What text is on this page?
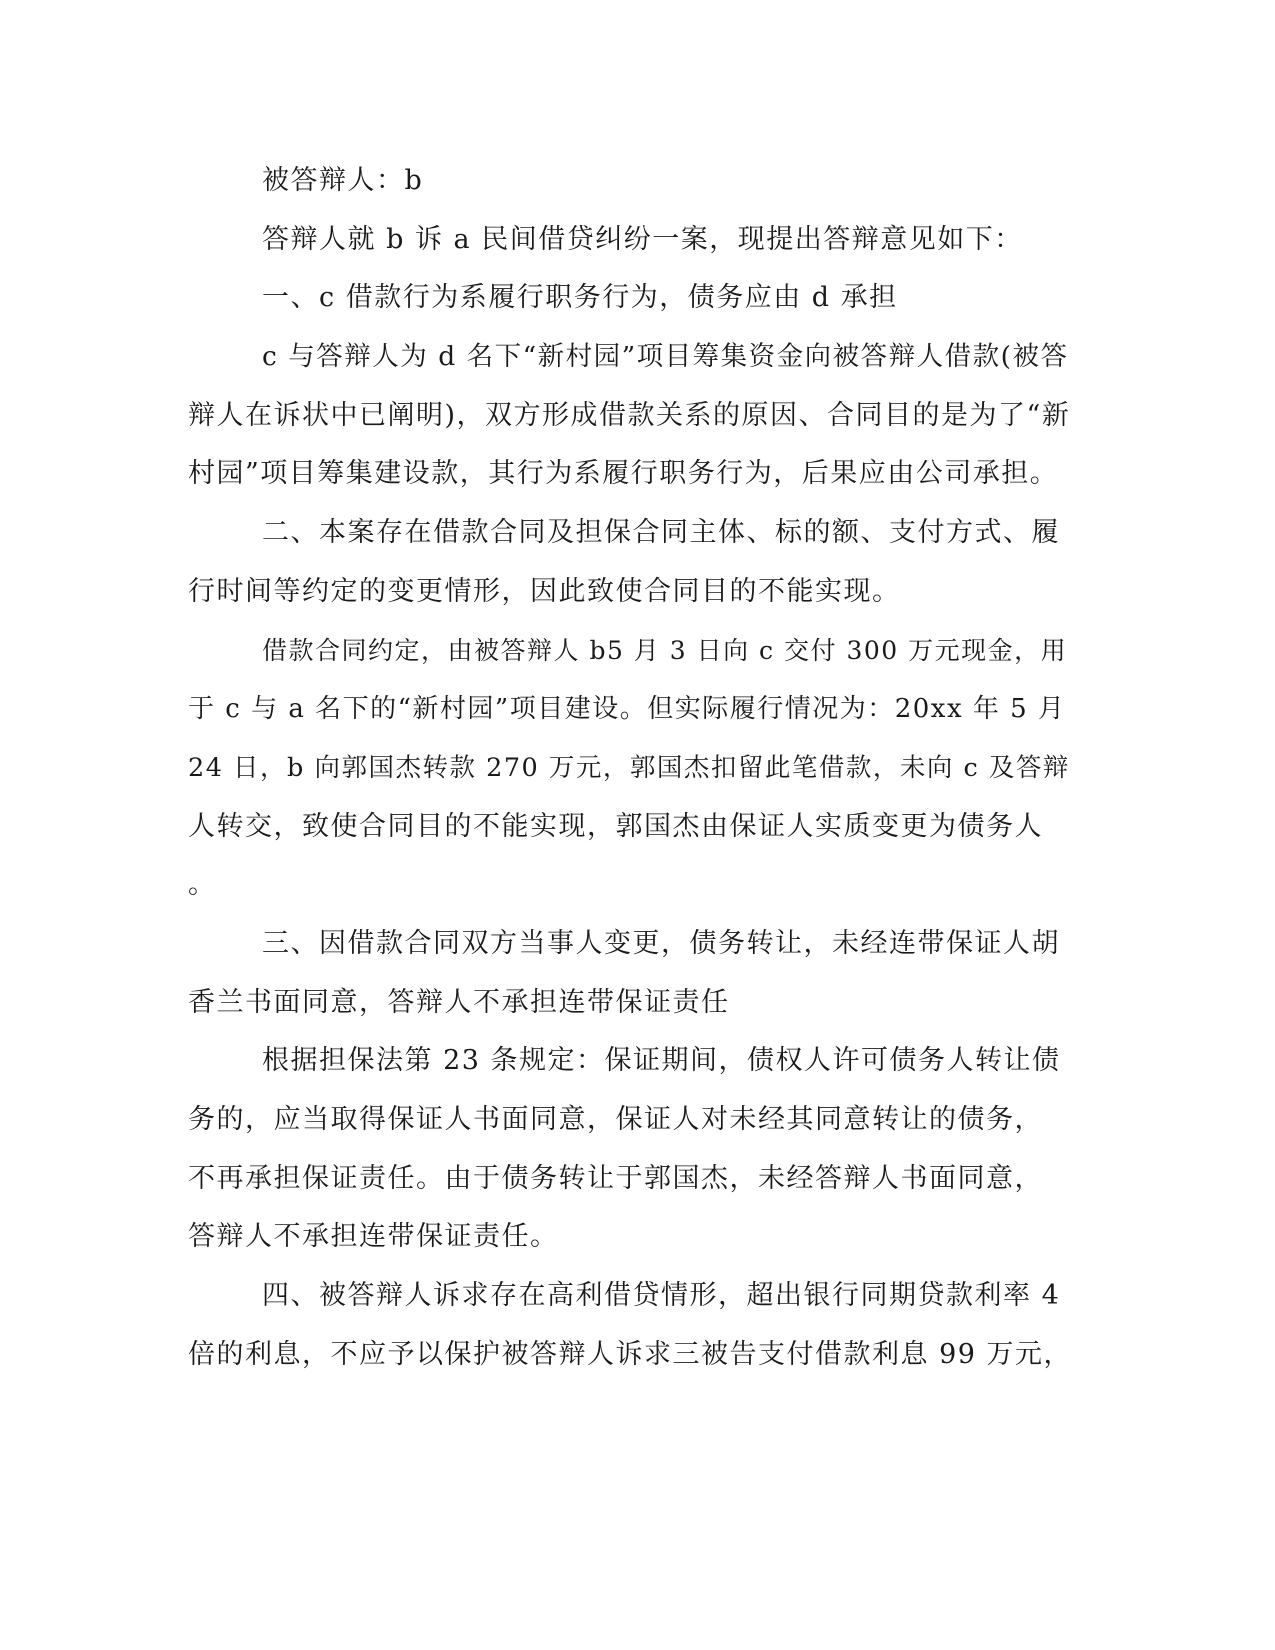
被答辩人：b

答辩人就 b 诉 a 民间借贷纠纷一案，现提出答辩意见如下：

一、c 借款行为系履行职务行为，债务应由 d 承担

c 与答辩人为 d 名下“新村园”项目筹集资金向被答辩人借款(被答

辩人在诉状中已阐明)，双方形成借款关系的原因、合同目的是为了“新

村园”项目筹集建设款，其行为系履行职务行为，后果应由公司承担。

二、本案存在借款合同及担保合同主体、标的额、支付方式、履

行时间等约定的变更情形，因此致使合同目的不能实现。

借款合同约定，由被答辩人 b5 月 3 日向 c 交付 300 万元现金，用

于 c 与 a 名下的“新村园”项目建设。但实际履行情况为：20xx 年 5 月

24 日，b 向郭国杰转款 270 万元，郭国杰扣留此笔借款，未向 c 及答辩

人转交，致使合同目的不能实现，郭国杰由保证人实质变更为债务人

。

三、因借款合同双方当事人变更，债务转让，未经连带保证人胡

香兰书面同意，答辩人不承担连带保证责任

根据担保法第 23 条规定：保证期间，债权人许可债务人转让债

务的，应当取得保证人书面同意，保证人对未经其同意转让的债务，

不再承担保证责任。由于债务转让于郭国杰，未经答辩人书面同意，

答辩人不承担连带保证责任。

四、被答辩人诉求存在高利借贷情形，超出银行同期贷款利率 4

倍的利息，不应予以保护被答辩人诉求三被告支付借款利息 99 万元，
